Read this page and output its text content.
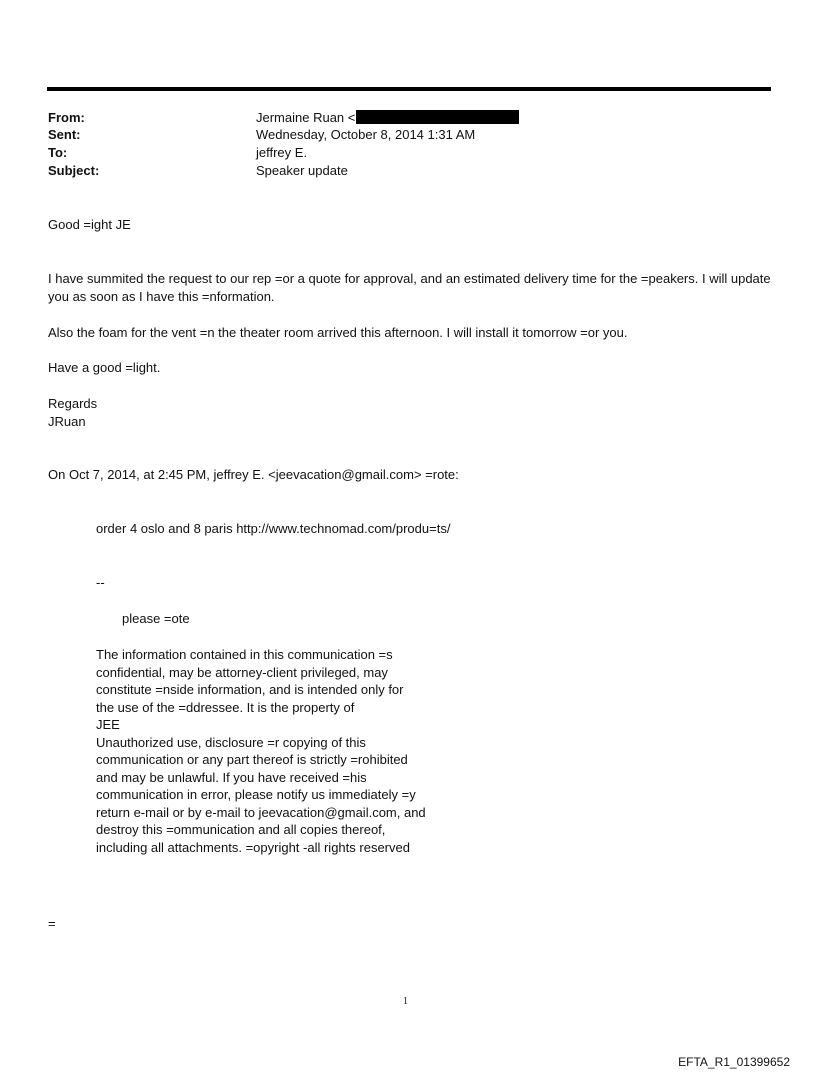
From:	Jermaine Ruan <
Sent:	Wednesday, October 8, 2014 1:31 AM
To:	jeffrey E.
Subject:	Speaker update
Good =ight JE
I have summited the request to our rep =or a quote for approval, and an estimated delivery time for the =peakers. I will update you as soon as I have this =nformation.
Also the foam for the vent =n the theater room arrived this afternoon. I will install it tomorrow =or you.
Have a good =light.
Regards
JRuan
On Oct 7, 2014, at 2:45 PM, jeffrey E. <jeevacation@gmail.com> =rote:
order 4 oslo and 8 paris http://www.technomad.com/produ=ts/
--
please =ote
The information contained in this communication =s
confidential, may be attorney-client privileged, may
constitute =nside information, and is intended only for
the use of the =ddressee. It is the property of
JEE
Unauthorized use, disclosure =r copying of this
communication or any part thereof is strictly =rohibited
and may be unlawful. If you have received =his
communication in error, please notify us immediately =y
return e-mail or by e-mail to jeevacation@gmail.com, and
destroy this =ommunication and all copies thereof,
including all attachments. =opyright -all rights reserved
=
1
EFTA_R1_01399652
